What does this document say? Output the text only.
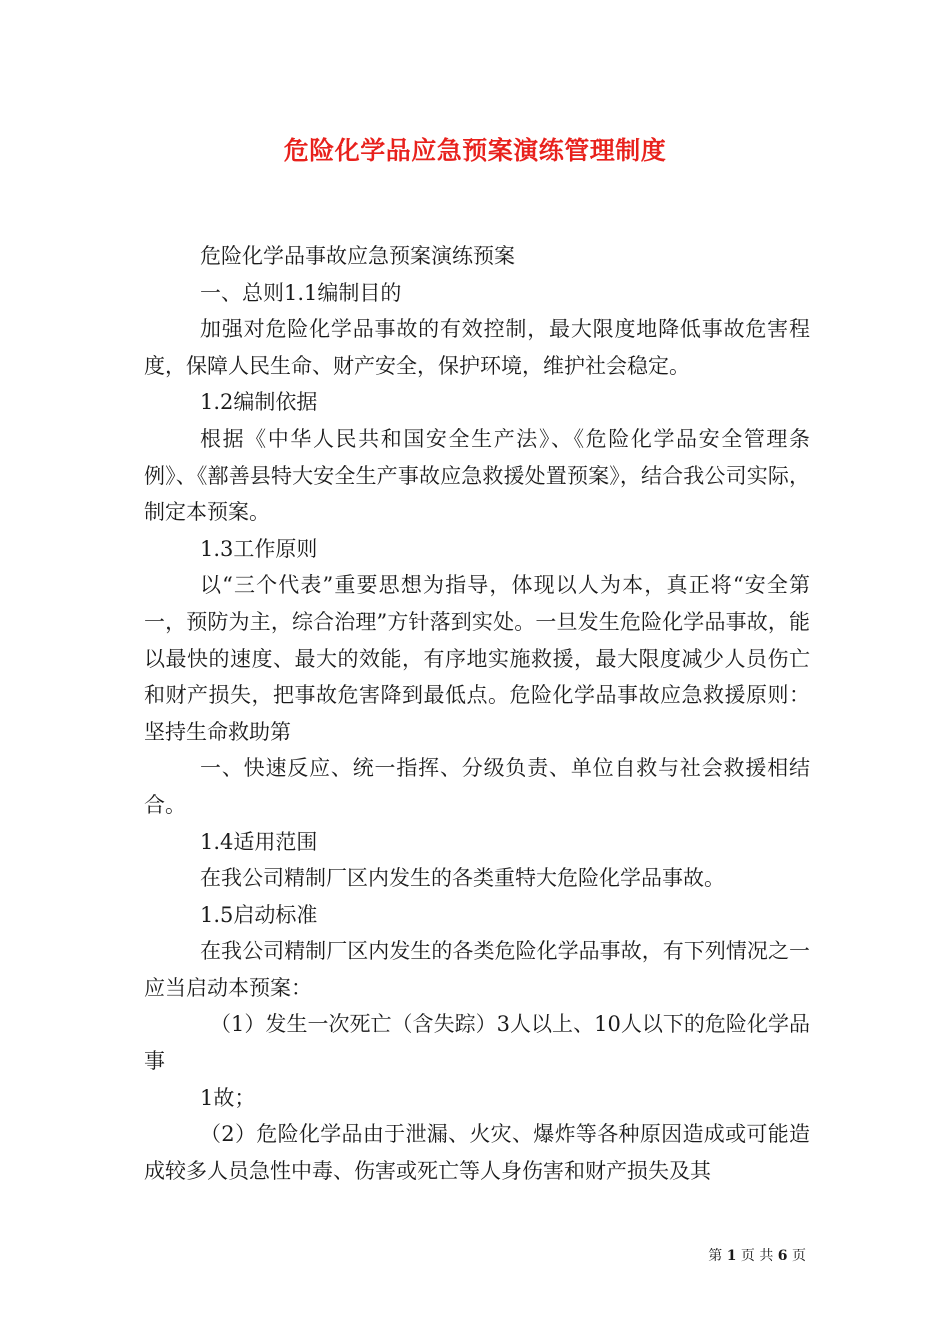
危险化学品应急预案演练管理制度

危险化学品事故应急预案演练预案

一、总则1.1编制目的

加强对危险化学品事故的有效控制，最大限度地降低事故危害程度，保障人民生命、财产安全，保护环境，维护社会稳定。

1.2编制依据

根据《中华人民共和国安全生产法》、《危险化学品安全管理条例》、《鄯善县特大安全生产事故应急救援处置预案》，结合我公司实际，制定本预案。

1.3工作原则

以“三个代表”重要思想为指导，体现以人为本，真正将“安全第一，预防为主，综合治理”方针落到实处。一旦发生危险化学品事故，能以最快的速度、最大的效能，有序地实施救援，最大限度减少人员伤亡和财产损失，把事故危害降到最低点。危险化学品事故应急救援原则：坚持生命救助第

一、快速反应、统一指挥、分级负责、单位自救与社会救援相结合。

1.4适用范围

在我公司精制厂区内发生的各类重特大危险化学品事故。

1.5启动标准

在我公司精制厂区内发生的各类危险化学品事故，有下列情况之一应当启动本预案：

（1）发生一次死亡（含失踪）3人以上、10人以下的危险化学品事

1故；

（2）危险化学品由于泄漏、火灾、爆炸等各种原因造成或可能造成较多人员急性中毒、伤害或死亡等人身伤害和财产损失及其

第 1 页 共 6 页
